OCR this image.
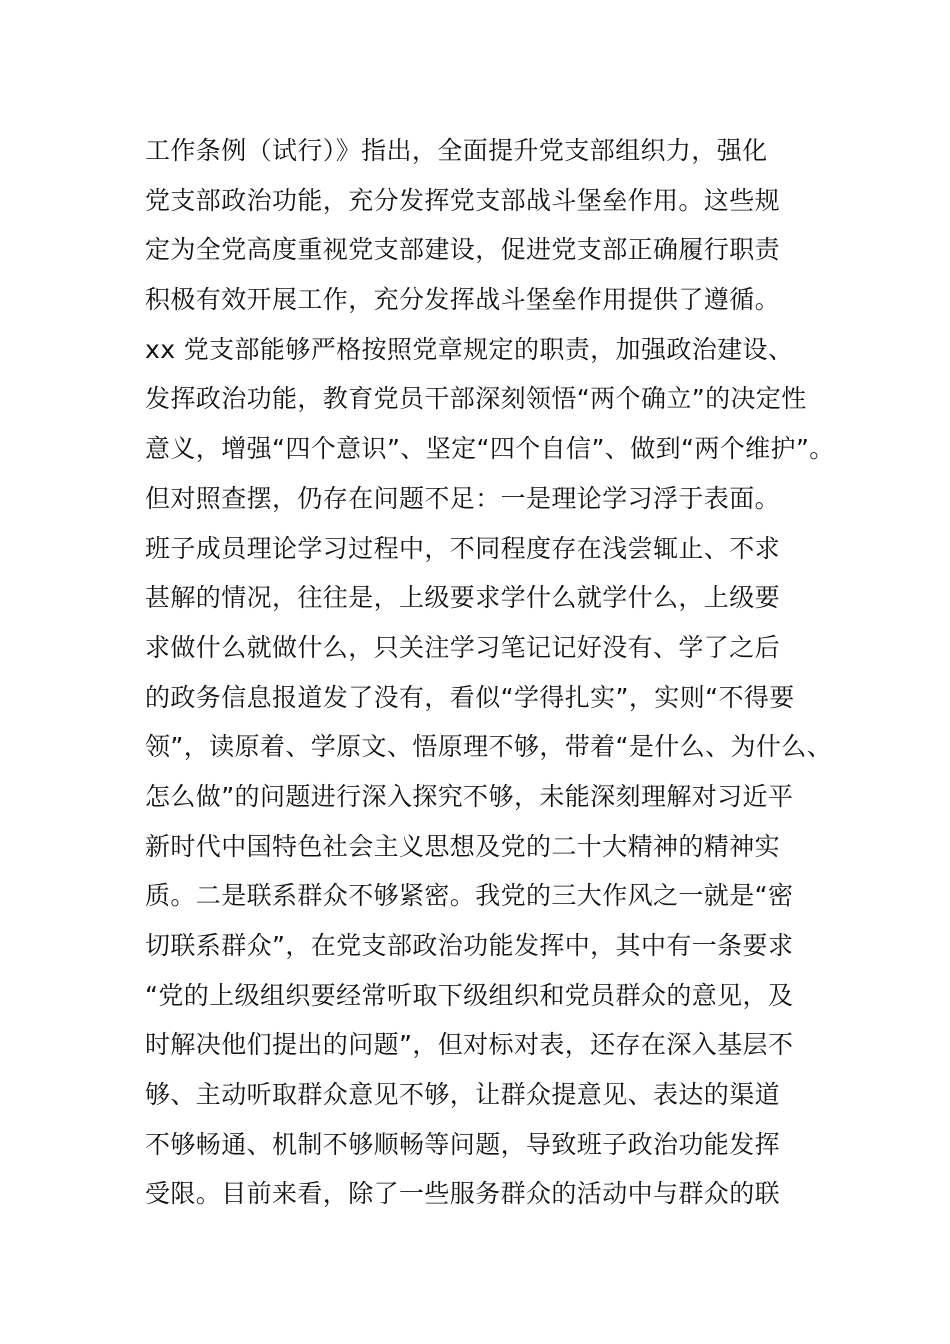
工作条例（试行）》指出，全面提升党支部组织力，强化
党支部政治功能，充分发挥党支部战斗堡垒作用。这些规
定为全党高度重视党支部建设，促进党支部正确履行职责
积极有效开展工作，充分发挥战斗堡垒作用提供了遵循。
xx 党支部能够严格按照党章规定的职责，加强政治建设、
发挥政治功能，教育党员干部深刻领悟“两个确立”的决定性
意义，增强“四个意识”、坚定“四个自信”、做到“两个维护”。
但对照查摆，仍存在问题不足：一是理论学习浮于表面。
班子成员理论学习过程中，不同程度存在浅尝辄止、不求
甚解的情况，往往是，上级要求学什么就学什么，上级要
求做什么就做什么，只关注学习笔记记好没有、学了之后
的政务信息报道发了没有，看似“学得扎实”，实则“不得要
领”，读原着、学原文、悟原理不够，带着“是什么、为什么、
怎么做”的问题进行深入探究不够，未能深刻理解对习近平
新时代中国特色社会主义思想及党的二十大精神的精神实
质。二是联系群众不够紧密。我党的三大作风之一就是“密
切联系群众”，在党支部政治功能发挥中，其中有一条要求
“党的上级组织要经常听取下级组织和党员群众的意见，及
时解决他们提出的问题”，但对标对表，还存在深入基层不
够、主动听取群众意见不够，让群众提意见、表达的渠道
不够畅通、机制不够顺畅等问题，导致班子政治功能发挥
受限。目前来看，除了一些服务群众的活动中与群众的联
